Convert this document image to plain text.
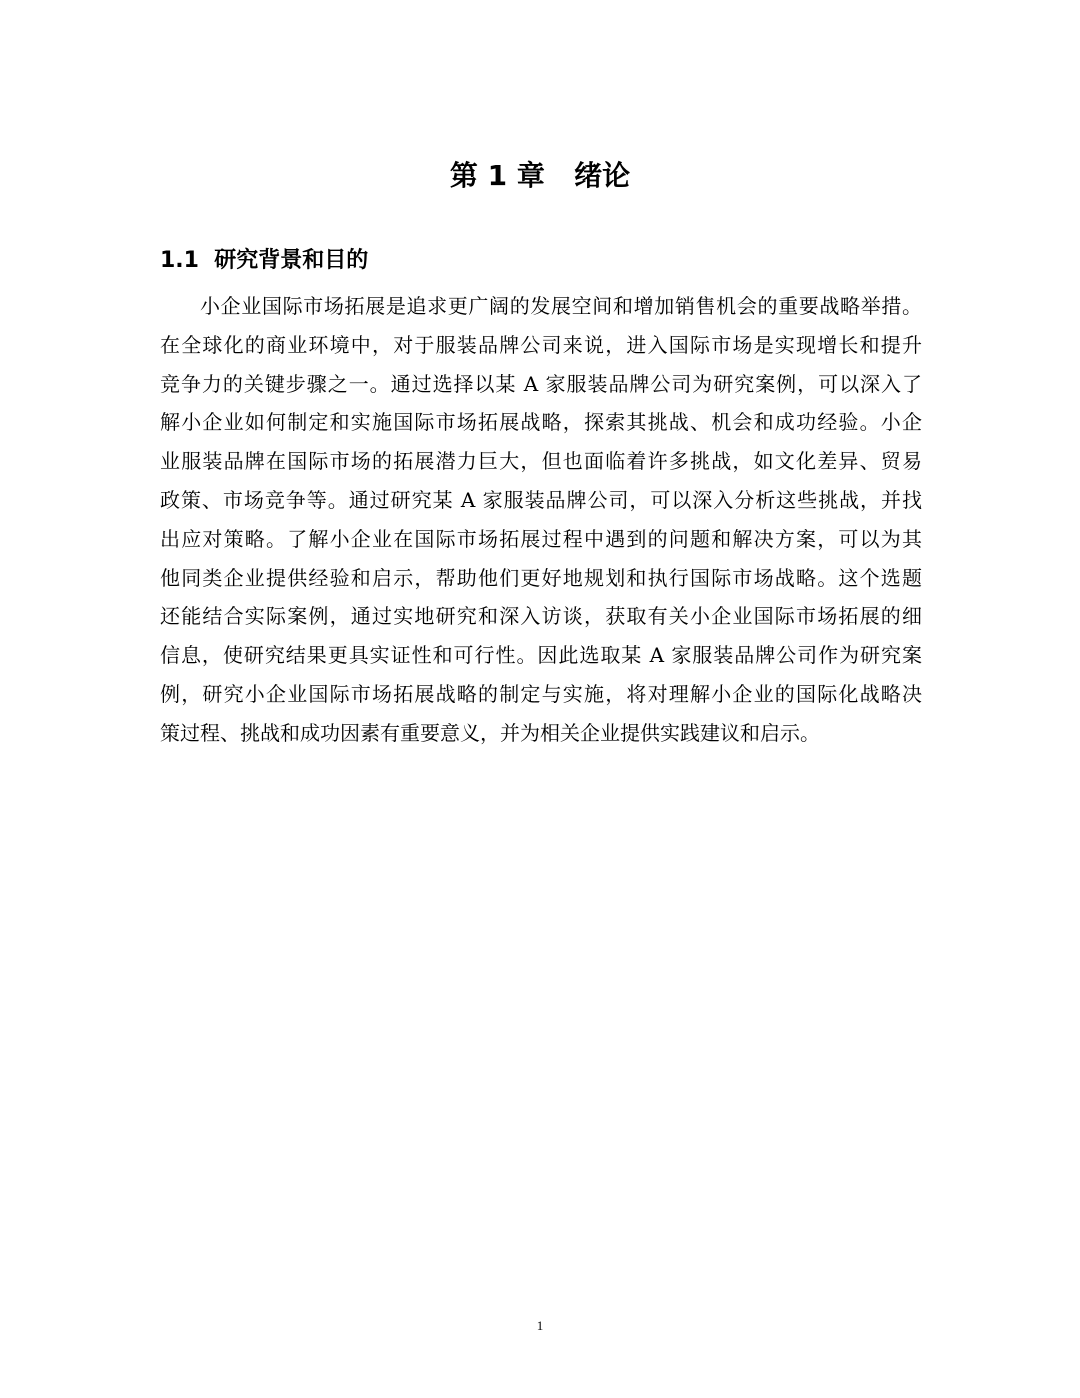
第 1 章   绪论
1.1  研究背景和目的
小企业国际市场拓展是追求更广阔的发展空间和增加销售机会的重要战略举措。
在全球化的商业环境中，对于服装品牌公司来说，进入国际市场是实现增长和提升
竞争力的关键步骤之一。通过选择以某 A 家服装品牌公司为研究案例，可以深入了
解小企业如何制定和实施国际市场拓展战略，探索其挑战、机会和成功经验。小企
业服装品牌在国际市场的拓展潜力巨大，但也面临着许多挑战，如文化差异、贸易
政策、市场竞争等。通过研究某 A 家服装品牌公司，可以深入分析这些挑战，并找
出应对策略。了解小企业在国际市场拓展过程中遇到的问题和解决方案，可以为其
他同类企业提供经验和启示，帮助他们更好地规划和执行国际市场战略。这个选题
还能结合实际案例，通过实地研究和深入访谈，获取有关小企业国际市场拓展的细
信息，使研究结果更具实证性和可行性。因此选取某 A 家服装品牌公司作为研究案
例，研究小企业国际市场拓展战略的制定与实施，将对理解小企业的国际化战略决
策过程、挑战和成功因素有重要意义，并为相关企业提供实践建议和启示。
1
